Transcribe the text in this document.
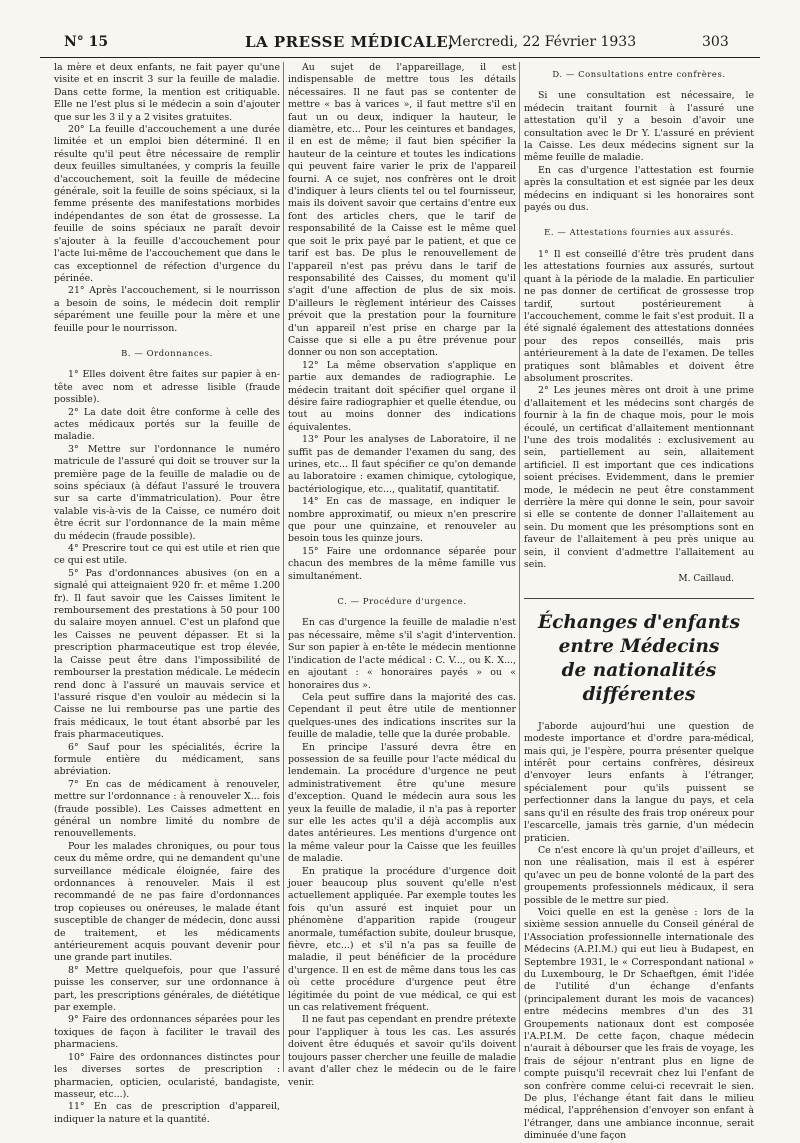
N° 15	LA PRESSE MÉDICALE,
Mercredi, 22 Février 1933	303

la mère et deux enfants, ne fait payer qu'une visite et en inscrit 3 sur la feuille de maladie. Dans cette forme, la mention est critiquable. Elle ne l'est plus si le médecin a soin d'ajouter que sur les 3 il y a 2 visites gratuites.

20° La feuille d'accouchement a une durée limitée et un emploi bien déterminé. Il en résulte qu'il peut être nécessaire de remplir deux feuilles simultanées, y compris la feuille d'accouchement, soit la feuille de médecine générale, soit la feuille de soins spéciaux, si la femme présente des manifestations morbides indépendantes de son état de grossesse. La feuille de soins spéciaux ne paraît devoir s'ajouter à la feuille d'accouchement pour l'acte lui-même de l'accouchement que dans le cas exceptionnel de réfection d'urgence du périnée.

21° Après l'accouchement, si le nourrisson a besoin de soins, le médecin doit remplir séparément une feuille pour la mère et une feuille pour le nourrisson.

B. — Ordonnances.

1° Elles doivent être faites sur papier à en-tête avec nom et adresse lisible (fraude possible).

2° La date doit être conforme à celle des actes médicaux portés sur la feuille de maladie.

3° Mettre sur l'ordonnance le numéro matricule de l'assuré qui doit se trouver sur la première page de la feuille de maladie ou de soins spéciaux (à défaut l'assuré le trouvera sur sa carte d'immatriculation). Pour être valable vis-à-vis de la Caisse, ce numéro doit être écrit sur l'ordonnance de la main même du médecin (fraude possible).

4° Prescrire tout ce qui est utile et rien que ce qui est utile.

5° Pas d'ordonnances abusives (on en a signalé qui atteignaient 920 fr. et même 1.200 fr). Il faut savoir que les Caisses limitent le remboursement des prestations à 50 pour 100 du salaire moyen annuel. C'est un plafond que les Caisses ne peuvent dépasser. Et si la prescription pharmaceutique est trop élevée, la Caisse peut être dans l'impossibilité de rembourser la prestation médicale. Le médecin rend donc à l'assuré un mauvais service et l'assuré risque d'en vouloir au médecin si la Caisse ne lui rembourse pas une partie des frais médicaux, le tout étant absorbé par les frais pharmaceutiques.

6° Sauf pour les spécialités, écrire la formule entière du médicament, sans abréviation.

7° En cas de médicament à renouveler, mettre sur l'ordonnance : à renouveler X... fois (fraude possible). Les Caisses admettent en général un nombre limité du nombre de renouvellements.

Pour les malades chroniques, ou pour tous ceux du même ordre, qui ne demandent qu'une surveillance médicale éloignée, faire des ordonnances à renouveler. Mais il est recommandé de ne pas faire d'ordonnances trop copieuses ou onéreuses, le malade étant susceptible de changer de médecin, donc aussi de traitement, et les médicaments antérieurement acquis pouvant devenir pour une grande part inutiles.

8° Mettre quelquefois, pour que l'assuré puisse les conserver, sur une ordonnance à part, les prescriptions générales, de diététique par exemple.

9° Faire des ordonnances séparées pour les toxiques de façon à faciliter le travail des pharmaciens.

10° Faire des ordonnances distinctes pour les diverses sortes de prescription : pharmacien, opticien, ocularisté, bandagiste, masseur, etc...).

11° En cas de prescription d'appareil, indiquer la nature et la quantité.

Au sujet de l'appareillage, il est indispensable de mettre tous les détails nécessaires. Il ne faut pas se contenter de mettre « bas à varices », il faut mettre s'il en faut un ou deux, indiquer la hauteur, le diamètre, etc... Pour les ceintures et bandages, il en est de même; il faut bien spécifier la hauteur de la ceinture et toutes les indications qui peuvent faire varier le prix de l'appareil fourni. A ce sujet, nos confrères ont le droit d'indiquer à leurs clients tel ou tel fournisseur, mais ils doivent savoir que certains d'entre eux font des articles chers, que le tarif de responsabilité de la Caisse est le même quel que soit le prix payé par le patient, et que ce tarif est bas. De plus le renouvellement de l'appareil n'est pas prévu dans le tarif de responsabilité des Caisses, du moment qu'il s'agit d'une affection de plus de six mois. D'ailleurs le règlement intérieur des Caisses prévoit que la prestation pour la fourniture d'un appareil n'est prise en charge par la Caisse que si elle a pu être prévenue pour donner ou non son acceptation.

12° La même observation s'applique en partie aux demandes de radiographie. Le médecin traitant doit spécifier quel organe il désire faire radiographier et quelle étendue, ou tout au moins donner des indications équivalentes.

13° Pour les analyses de Laboratoire, il ne suffit pas de demander l'examen du sang, des urines, etc... Il faut spécifier ce qu'on demande au laboratoire : examen chimique, cytologique, bactériologique, etc..., qualitatif, quantitatif.

14° En cas de massage, en indiquer le nombre approximatif, ou mieux n'en prescrire que pour une quinzaine, et renouveler au besoin tous les quinze jours.

15° Faire une ordonnance séparée pour chacun des membres de la même famille vus simultanément.

C. — Procédure d'urgence.

En cas d'urgence la feuille de maladie n'est pas nécessaire, même s'il s'agit d'intervention. Sur son papier à en-tête le médecin mentionne l'indication de l'acte médical : C. V..., ou K. X..., en ajoutant : « honoraires payés » ou « honoraires dus ».

Cela peut suffire dans la majorité des cas. Cependant il peut être utile de mentionner quelques-unes des indications inscrites sur la feuille de maladie, telle que la durée probable.

En principe l'assuré devra être en possession de sa feuille pour l'acte médical du lendemain. La procédure d'urgence ne peut administrativement être qu'une mesure d'exception. Quand le médecin aura sous les yeux la feuille de maladie, il n'a pas à reporter sur elle les actes qu'il a déjà accomplis aux dates antérieures. Les mentions d'urgence ont la même valeur pour la Caisse que les feuilles de maladie.

En pratique la procédure d'urgence doit jouer beaucoup plus souvent qu'elle n'est actuellement appliquée. Par exemple toutes les fois qu'un assuré est inquiet pour un phénomène d'apparition rapide (rougeur anormale, tuméfaction subite, douleur brusque, fièvre, etc...) et s'il n'a pas sa feuille de maladie, il peut bénéficier de la procédure d'urgence. Il en est de même dans tous les cas où cette procédure d'urgence peut être légitimée du point de vue médical, ce qui est un cas relativement fréquent.

Il ne faut pas cependant en prendre prétexte pour l'appliquer à tous les cas. Les assurés doivent être éduqués et savoir qu'ils doivent toujours passer chercher une feuille de maladie avant d'aller chez le médecin ou de le faire venir.

D. — Consultations entre confrères.

Si une consultation est nécessaire, le médecin traitant fournit à l'assuré une attestation qu'il y a besoin d'avoir une consultation avec le Dr Y. L'assuré en prévient la Caisse. Les deux médecins signent sur la même feuille de maladie.

En cas d'urgence l'attestation est fournie après la consultation et est signée par les deux médecins en indiquant si les honoraires sont payés ou dus.

E. — Attestations fournies aux assurés.

1° Il est conseillé d'être très prudent dans les attestations fournies aux assurés, surtout quant à la période de la maladie. En particulier ne pas donner de certificat de grossesse trop tardif, surtout postérieurement à l'accouchement, comme le fait s'est produit. Il a été signalé également des attestations données pour des repos conseillés, mais pris antérieurement à la date de l'examen. De telles pratiques sont blâmables et doivent être absolument proscrites.

2° Les jeunes mères ont droit à une prime d'allaitement et les médecins sont chargés de fournir à la fin de chaque mois, pour le mois écoulé, un certificat d'allaitement mentionnant l'une des trois modalités : exclusivement au sein, partiellement au sein, allaitement artificiel. Il est important que ces indications soient précises. Evidemment, dans le premier mode, le médecin ne peut être constamment derrière la mère qui donne le sein, pour savoir si elle se contente de donner l'allaitement au sein. Du moment que les présomptions sont en faveur de l'allaitement à peu près unique au sein, il convient d'admettre l'allaitement au sein.

M. Caillaud.
Échanges d'enfants
entre Médecins
de nationalités différentes

J'aborde aujourd'hui une question de modeste importance et d'ordre para-médical, mais qui, je l'espère, pourra présenter quelque intérêt pour certains confrères, désireux d'envoyer leurs enfants à l'étranger, spécialement pour qu'ils puissent se perfectionner dans la langue du pays, et cela sans qu'il en résulte des frais trop onéreux pour l'escarcelle, jamais très garnie, d'un médecin praticien.

Ce n'est encore là qu'un projet d'ailleurs, et non une réalisation, mais il est à espérer qu'avec un peu de bonne volonté de la part des groupements professionnels médicaux, il sera possible de le mettre sur pied.

Voici quelle en est la genèse : lors de la sixième session annuelle du Conseil général de l'Association professionnelle internationale des Médecins (A.P.I.M.) qui eut lieu à Budapest, en Septembre 1931, le « Correspondant national » du Luxembourg, le Dr Schaeftgen, émit l'idée de l'utilité d'un échange d'enfants (principalement durant les mois de vacances) entre médecins membres d'un des 31 Groupements nationaux dont est composée l'A.P.I.M. De cette façon, chaque médecin n'aurait à débourser que les frais de voyage, les frais de séjour n'entrant plus en ligne de compte puisqu'il recevrait chez lui l'enfant de son confrère comme celui-ci recevrait le sien. De plus, l'échange étant fait dans le milieu médical, l'appréhension d'envoyer son enfant à l'étranger, dans une ambiance inconnue, serait diminuée d'une façon
